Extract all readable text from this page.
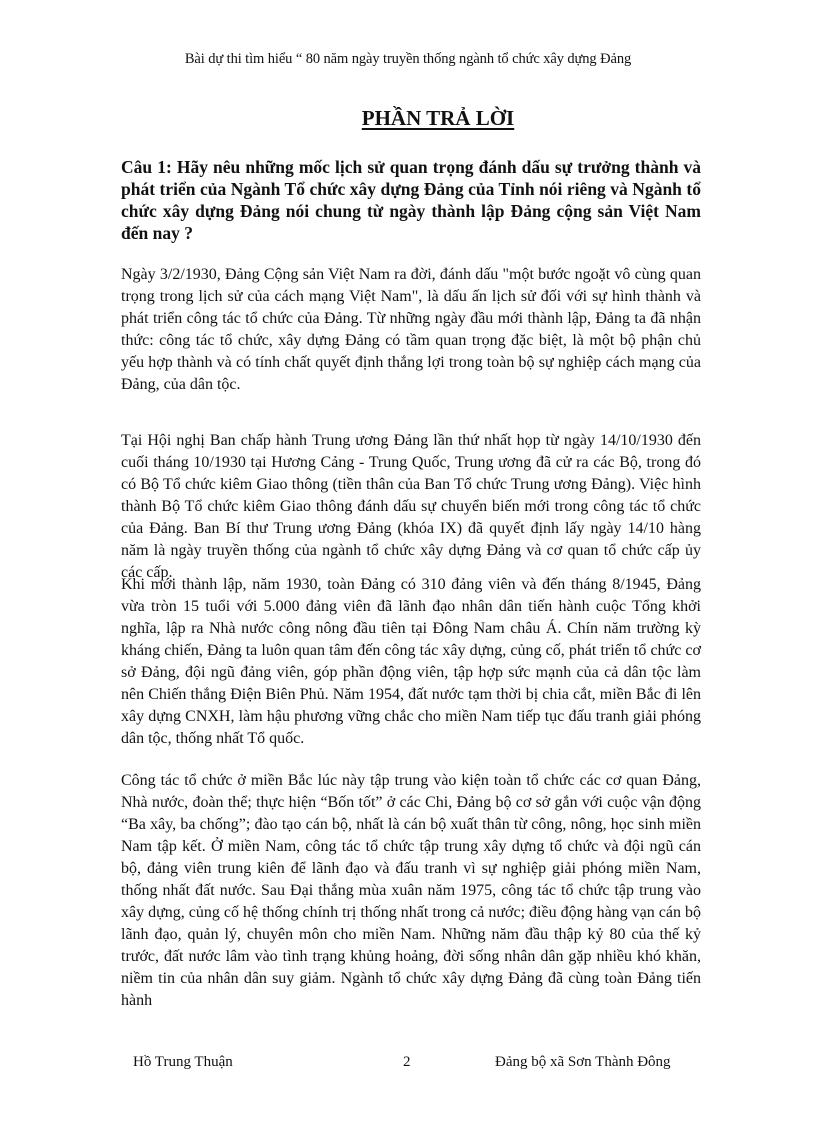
Bài dự thi tìm hiểu “ 80 năm ngày truyền thống ngành tổ chức xây dựng Đảng
PHẦN TRẢ LỜI

Câu 1: Hãy nêu những mốc lịch sử quan trọng đánh dấu sự trưởng thành và phát triển của Ngành Tổ chức xây dựng Đảng của Tỉnh nói riêng và Ngành tổ chức xây dựng Đảng nói chung từ ngày thành lập Đảng cộng sản Việt Nam đến nay ?

Ngày 3/2/1930, Đảng Cộng sản Việt Nam ra đời, đánh dấu "một bước ngoặt vô cùng quan trọng trong lịch sử của cách mạng Việt Nam", là dấu ấn lịch sử đối với sự hình thành và phát triển công tác tổ chức của Đảng. Từ những ngày đầu mới thành lập, Đảng ta đã nhận thức: công tác tổ chức, xây dựng Đảng có tầm quan trọng đặc biệt, là một bộ phận chủ yếu hợp thành và có tính chất quyết định thắng lợi trong toàn bộ sự nghiệp cách mạng của Đảng, của dân tộc.

Tại Hội nghị Ban chấp hành Trung ương Đảng lần thứ nhất họp từ ngày 14/10/1930 đến cuối tháng 10/1930 tại Hương Cảng - Trung Quốc, Trung ương đã cử ra các Bộ, trong đó có Bộ Tổ chức kiêm Giao thông (tiền thân của Ban Tổ chức Trung ương Đảng). Việc hình thành Bộ Tổ chức kiêm Giao thông đánh dấu sự chuyển biến mới trong công tác tổ chức của Đảng. Ban Bí thư Trung ương Đảng (khóa IX) đã quyết định lấy ngày 14/10 hàng năm là ngày truyền thống của ngành tổ chức xây dựng Đảng và cơ quan tổ chức cấp ủy các cấp.

Khi mới thành lập, năm 1930, toàn Đảng có 310 đảng viên và đến tháng 8/1945, Đảng vừa tròn 15 tuổi với 5.000 đảng viên đã lãnh đạo nhân dân tiến hành cuộc Tổng khởi nghĩa, lập ra Nhà nước công nông đầu tiên tại Đông Nam châu Á. Chín năm trường kỳ kháng chiến, Đảng ta luôn quan tâm đến công tác xây dựng, củng cố, phát triển tổ chức cơ sở Đảng, đội ngũ đảng viên, góp phần động viên, tập hợp sức mạnh của cả dân tộc làm nên Chiến thắng Điện Biên Phủ. Năm 1954, đất nước tạm thời bị chia cắt, miền Bắc đi lên xây dựng CNXH, làm hậu phương vững chắc cho miền Nam tiếp tục đấu tranh giải phóng dân tộc, thống nhất Tổ quốc.

Công tác tổ chức ở miền Bắc lúc này tập trung vào kiện toàn tổ chức các cơ quan Đảng, Nhà nước, đoàn thể; thực hiện “Bốn tốt” ở các Chi, Đảng bộ cơ sở gắn với cuộc vận động “Ba xây, ba chống”; đào tạo cán bộ, nhất là cán bộ xuất thân từ công, nông, học sinh miền Nam tập kết. Ở miền Nam, công tác tổ chức tập trung xây dựng tổ chức và đội ngũ cán bộ, đảng viên trung kiên để lãnh đạo và đấu tranh vì sự nghiệp giải phóng miền Nam, thống nhất đất nước. Sau Đại thắng mùa xuân năm 1975, công tác tổ chức tập trung vào xây dựng, củng cố hệ thống chính trị thống nhất trong cả nước; điều động hàng vạn cán bộ lãnh đạo, quản lý, chuyên môn cho miền Nam. Những năm đầu thập kỷ 80 của thế kỷ trước, đất nước lâm vào tình trạng khủng hoảng, đời sống nhân dân gặp nhiều khó khăn, niềm tin của nhân dân suy giảm. Ngành tổ chức xây dựng Đảng đã cùng toàn Đảng tiến hành

Hồ Trung Thuận	2	Đảng bộ xã Sơn Thành Đông
